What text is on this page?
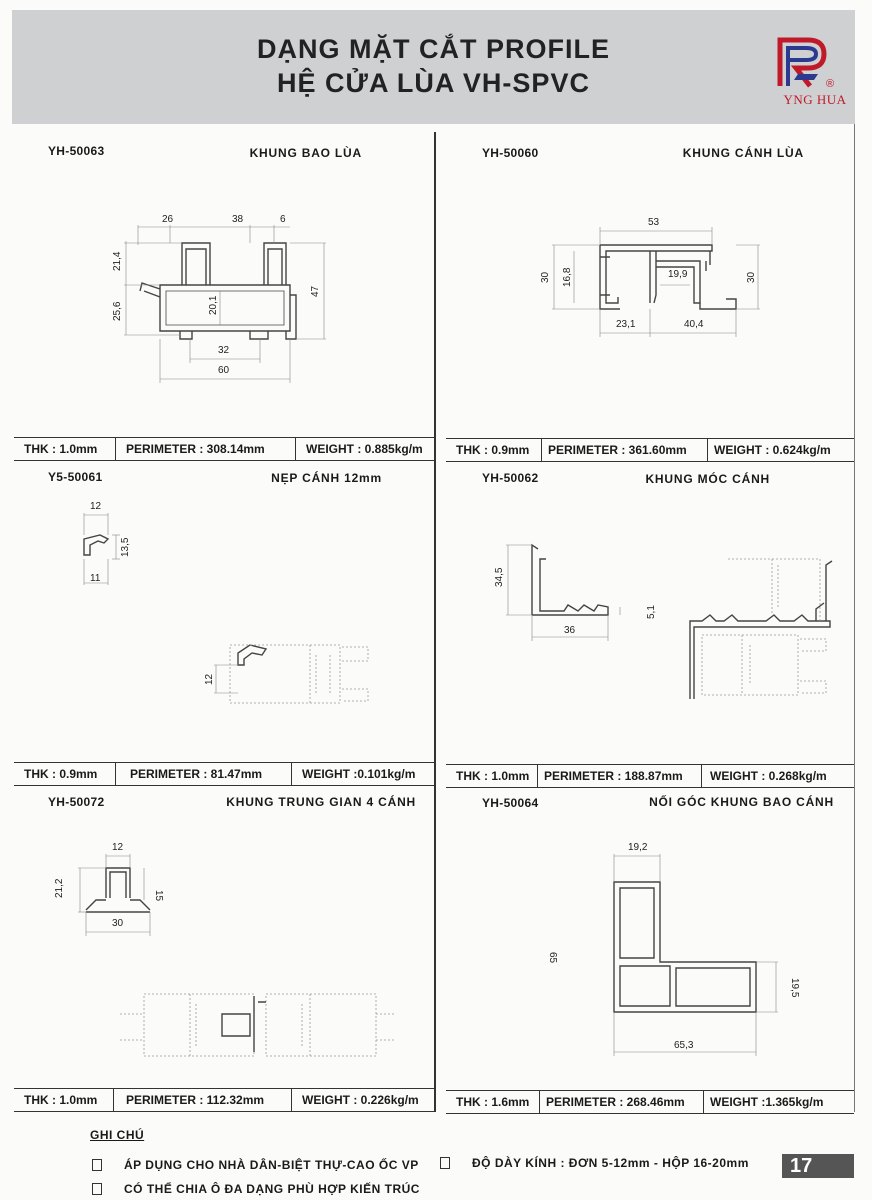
DẠNG MẶT CẮT PROFILE
HỆ CỬA LÙA VH-SPVC	®
YNG HUA
YH-50063	KHUNG BAO LÙA
26	38	6
21,4
25,6	20,1
47
32
60
THK : 1.0mm	PERIMETER : 308.14mm	WEIGHT : 0.885kg/m
YH-50060	KHUNG CÁNH LÙA
53
30 16,8	19,9	30
23,1	40,4
THK : 0.9mm	PERIMETER : 361.60mm	WEIGHT : 0.624kg/m
Y5-50061	NẸP CÁNH 12mm
12
13,5
11
12
THK : 0.9mm	PERIMETER : 81.47mm	WEIGHT :0.101kg/m
YH-50062	KHUNG MÓC CÁNH
34,5
36
5,1
THK : 1.0mm	PERIMETER : 188.87mm	WEIGHT : 0.268kg/m
YH-50072	KHUNG TRUNG GIAN 4 CÁNH
12
21,2	15
30
THK : 1.0mm	PERIMETER : 112.32mm	WEIGHT : 0.226kg/m
YH-50064	NỐI GÓC KHUNG BAO CÁNH
19,2
65
19,5
65,3
THK : 1.6mm	PERIMETER : 268.46mm	WEIGHT :1.365kg/m
GHI CHÚ
ÁP DỤNG CHO NHÀ DÂN-BIỆT THỰ-CAO ỐC VP
CÓ THỂ CHIA Ô ĐA DẠNG PHÙ HỢP KIẾN TRÚC
ĐỘ DÀY KÍNH : ĐƠN 5-12mm - HỘP 16-20mm	17
